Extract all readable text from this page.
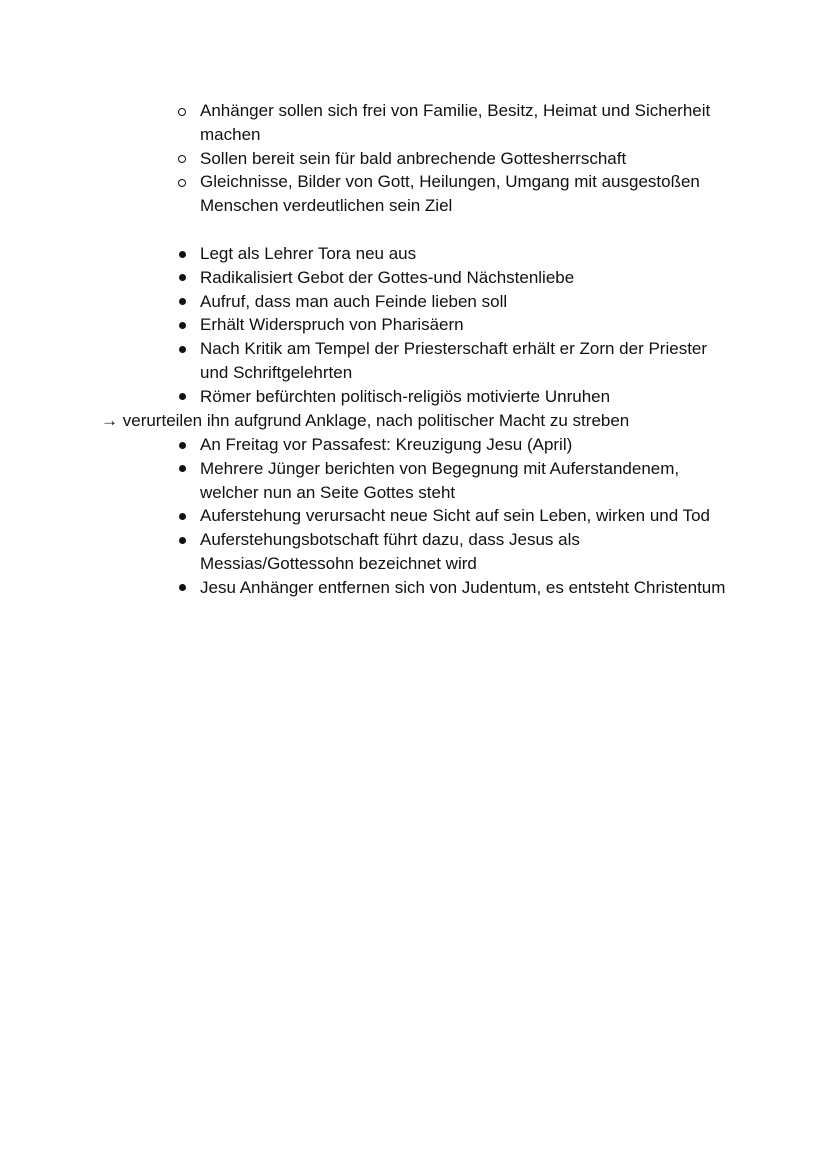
Anhänger sollen sich frei von Familie, Besitz, Heimat und Sicherheit machen
Sollen bereit sein für bald anbrechende Gottesherrschaft
Gleichnisse, Bilder von Gott, Heilungen, Umgang mit ausgestoßen Menschen verdeutlichen sein Ziel
Legt als Lehrer Tora neu aus
Radikalisiert Gebot der Gottes-und Nächstenliebe
Aufruf, dass man auch Feinde lieben soll
Erhält Widerspruch von Pharisäern
Nach Kritik am Tempel der Priesterschaft erhält er Zorn der Priester und Schriftgelehrten
Römer befürchten politisch-religiös motivierte Unruhen
→ verurteilen ihn aufgrund Anklage, nach politischer Macht zu streben
An Freitag vor Passafest: Kreuzigung Jesu (April)
Mehrere Jünger berichten von Begegnung mit Auferstandenem, welcher nun an Seite Gottes steht
Auferstehung verursacht neue Sicht auf sein Leben, wirken und Tod
Auferstehungsbotschaft führt dazu, dass Jesus als Messias/Gottessohn bezeichnet wird
Jesu Anhänger entfernen sich von Judentum, es entsteht Christentum
